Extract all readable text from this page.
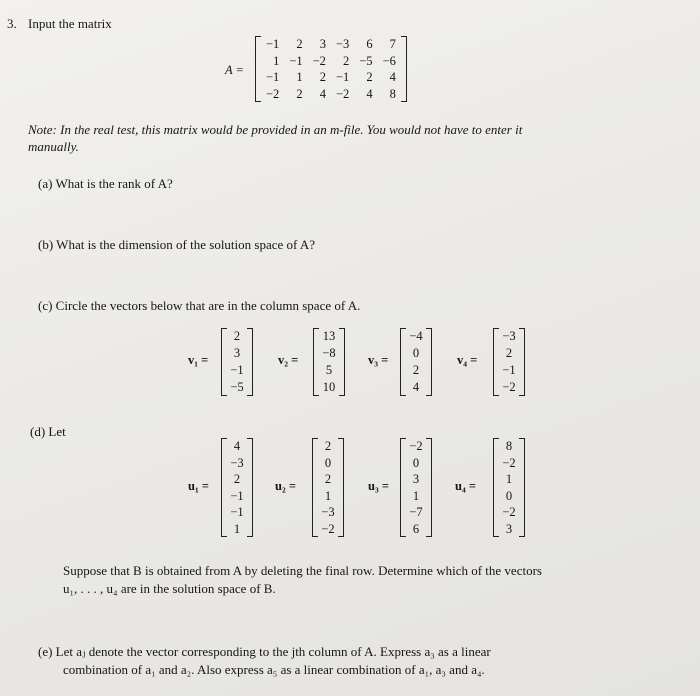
3. Input the matrix
A =
−1	2	3	−3	6	7
1	−1	−2	2	−5	−6
−1	1	2	−1	2	4
−2	2	4	−2	4	8
Note: In the real test, this matrix would be provided in an m-file. You would not have to enter it
manually.
(a) What is the rank of A?
(b) What is the dimension of the solution space of A?
(c) Circle the vectors below that are in the column space of A.
v₁ =
2
3
−1
−5
v₂ =
13
−8
5
10
v₃ =
−4
0
2
4
v₄ =
−3
2
−1
−2
(d) Let
u₁ =
4
−3
2
−1
−1
1
u₂ =
2
0
2
1
−3
−2
u₃ =
−2
0
3
1
−7
6
u₄ =
8
−2
1
0
−2
3
Suppose that B is obtained from A by deleting the final row. Determine which of the vectors
u₁, . . . , u₄ are in the solution space of B.
(e) Let aⱼ denote the vector corresponding to the jth column of A. Express a₃ as a linear
combination of a₁ and a₂. Also express a₅ as a linear combination of a₁, a₃ and a₄.
